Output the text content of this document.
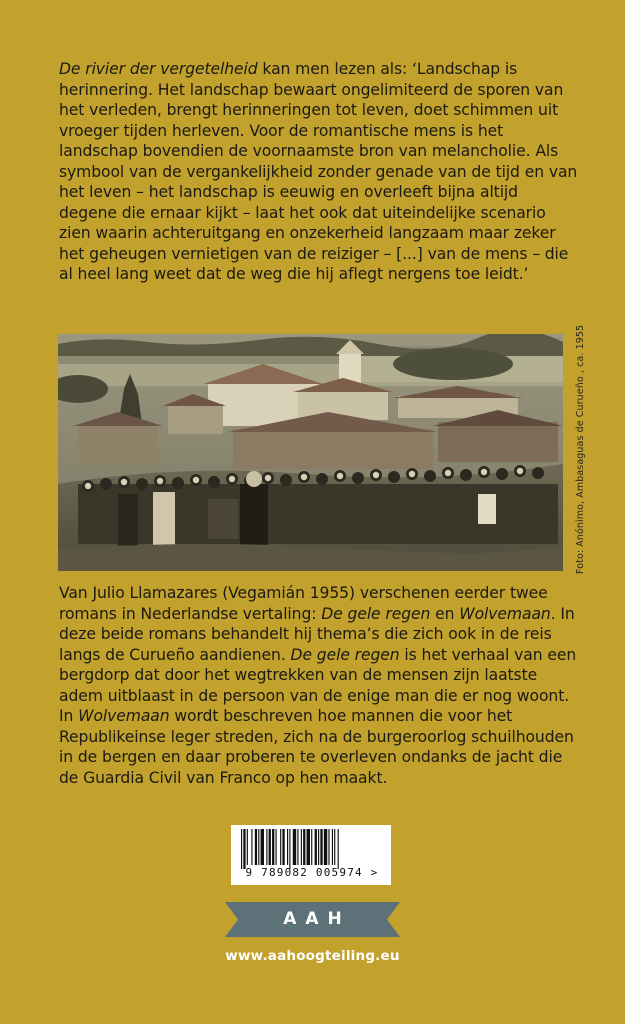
De rivier der vergetelheid kan men lezen als: ‘Landschap is herinnering. Het landschap bewaart ongelimiteerd de sporen van het verleden, brengt herinneringen tot leven, doet schimmen uit vroeger tijden herleven. Voor de romantische mens is het landschap bovendien de voornaamste bron van melancholie. Als symbool van de vergankelijkheid zonder genade van de tijd en van het leven – het landschap is eeuwig en overleeft bijna altijd degene die ernaar kijkt – laat het ook dat uiteindelijke scenario zien waarin achteruitgang en onzekerheid langzaam maar zeker het geheugen vernietigen van de reiziger – [...] van de mens – die al heel lang weet dat de weg die hij aflegt nergens toe leidt.’

Foto: Anónimo, Ambasaguas de Curueño , ca. 1955

Van Julio Llamazares (Vegamián 1955) verschenen eerder twee romans in Nederlandse vertaling: De gele regen en Wolvemaan. In deze beide romans behandelt hij thema’s die zich ook in de reis langs de Curueño aandienen. De gele regen is het verhaal van een bergdorp dat door het wegtrekken van de mensen zijn laatste adem uitblaast in de persoon van de enige man die er nog woont. In Wolvemaan wordt beschreven hoe mannen die voor het Republikeinse leger streden, zich na de burgeroorlog schuilhouden in de bergen en daar proberen te overleven ondanks de jacht die de Guardia Civil van Franco op hen maakt.

9 789082 005974 >
AAH
www.aahoogteiling.eu
